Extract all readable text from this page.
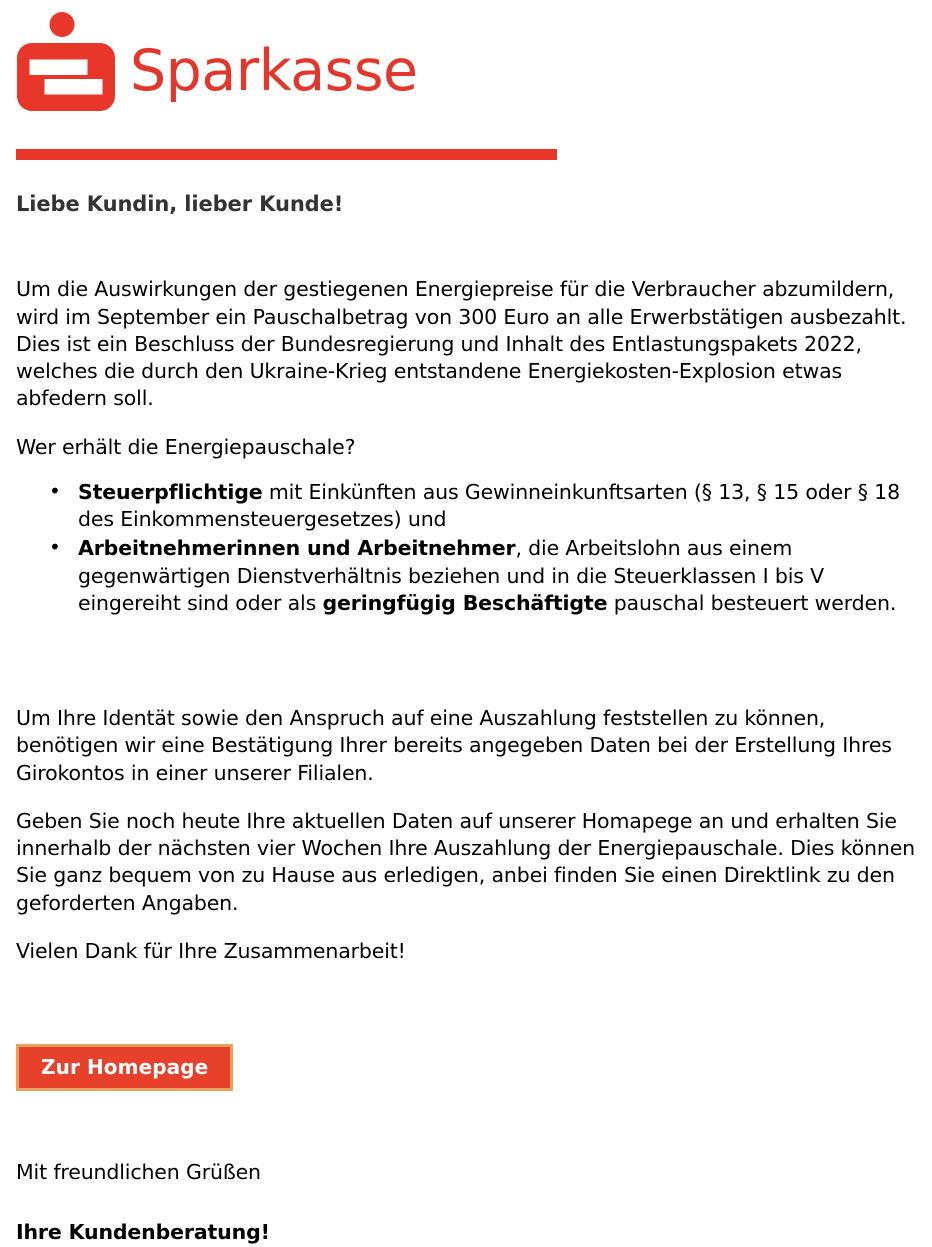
Sparkasse
Liebe Kundin, lieber Kunde!

Um die Auswirkungen der gestiegenen Energiepreise für die Verbraucher abzumildern, wird im September ein Pauschalbetrag von 300 Euro an alle Erwerbstätigen ausbezahlt. Dies ist ein Beschluss der Bundesregierung und Inhalt des Entlastungspakets 2022, welches die durch den Ukraine-Krieg entstandene Energiekosten-Explosion etwas abfedern soll.

Wer erhält die Energiepauschale?

• Steuerpflichtige mit Einkünften aus Gewinneinkunftsarten (§ 13, § 15 oder § 18 des Einkommensteuergesetzes) und
• Arbeitnehmerinnen und Arbeitnehmer, die Arbeitslohn aus einem gegenwärtigen Dienstverhältnis beziehen und in die Steuerklassen I bis V eingereiht sind oder als geringfügig Beschäftigte pauschal besteuert werden.

Um Ihre Identät sowie den Anspruch auf eine Auszahlung feststellen zu können, benötigen wir eine Bestätigung Ihrer bereits angegeben Daten bei der Erstellung Ihres Girokontos in einer unserer Filialen.

Geben Sie noch heute Ihre aktuellen Daten auf unserer Homapege an und erhalten Sie innerhalb der nächsten vier Wochen Ihre Auszahlung der Energiepauschale. Dies können Sie ganz bequem von zu Hause aus erledigen, anbei finden Sie einen Direktlink zu den geforderten Angaben.

Vielen Dank für Ihre Zusammenarbeit!

Zur Homepage

Mit freundlichen Grüßen

Ihre Kundenberatung!
